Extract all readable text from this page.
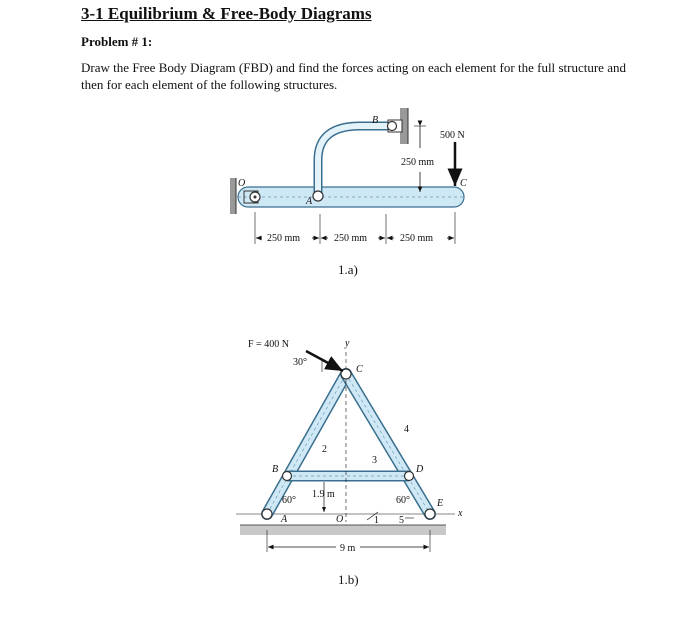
3-1 Equilibrium & Free-Body Diagrams
Problem # 1:
Draw the Free Body Diagram (FBD) and find the forces acting on each element for the full structure and then for each element of the following structures.
250 mm
500 N
O
A
B
C
250 mm	250 mm	250 mm
1.a)
F = 400 N
30°
y
C
B	D
A
E
O
x
60°	60°
2
4
3
1 5
1.9 m
9 m
1.b)
